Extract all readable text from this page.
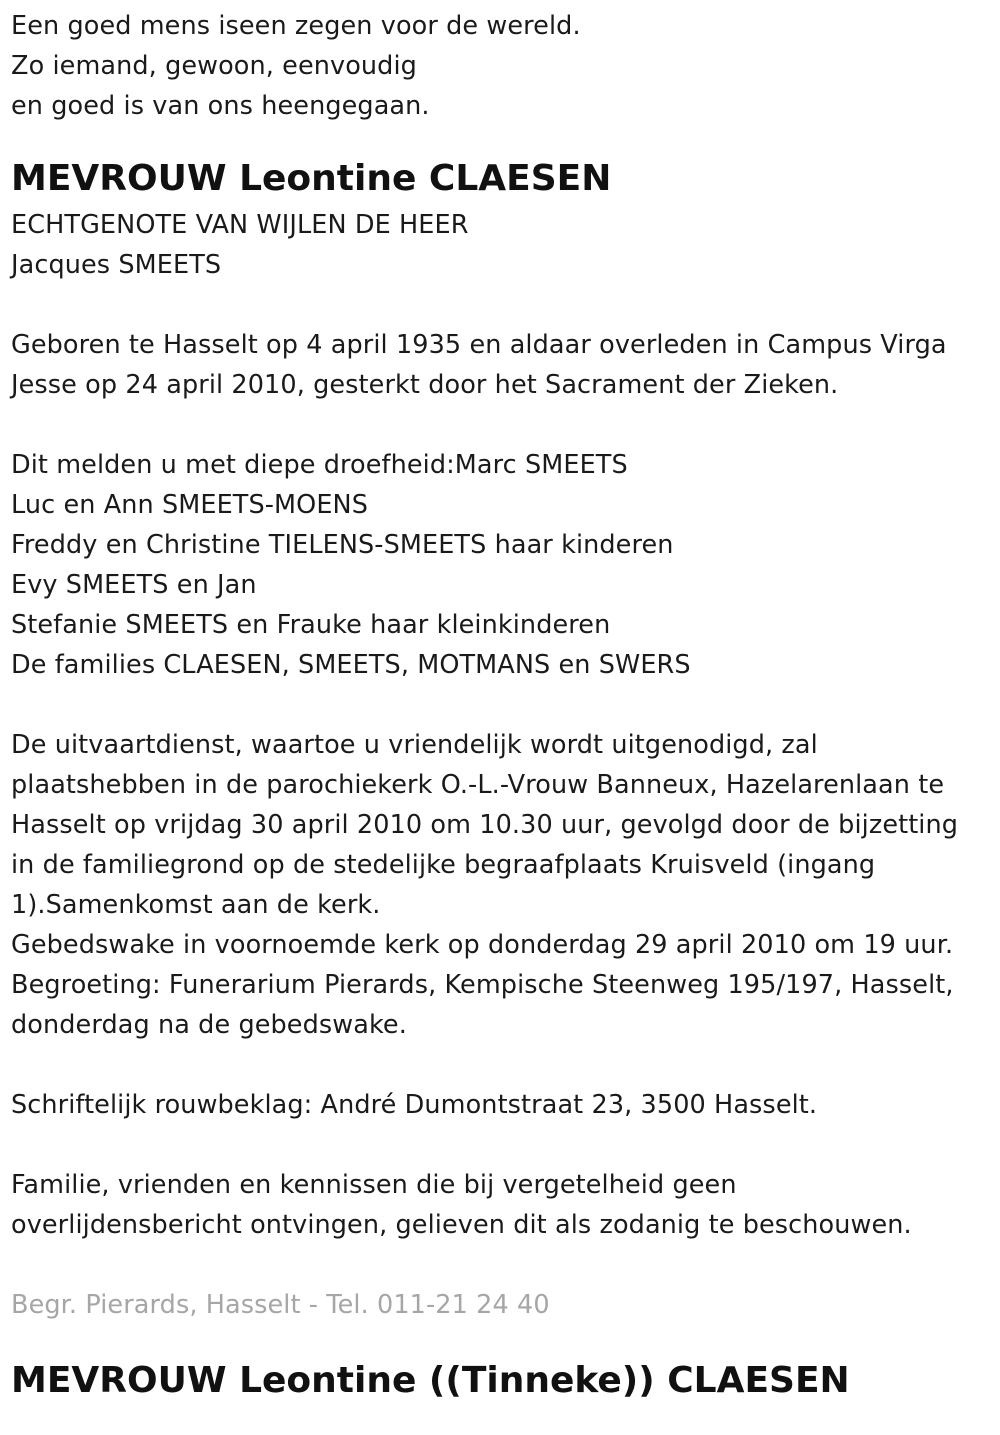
Een goed mens iseen zegen voor de wereld.

Zo iemand, gewoon, eenvoudig

en goed is van ons heengegaan.

MEVROUW Leontine CLAESEN

ECHTGENOTE VAN WIJLEN DE HEER

Jacques SMEETS

Geboren te Hasselt op 4 april 1935 en aldaar overleden in Campus Virga

Jesse op 24 april 2010, gesterkt door het Sacrament der Zieken.

Dit melden u met diepe droefheid:Marc SMEETS

Luc en Ann SMEETS-MOENS

Freddy en Christine TIELENS-SMEETS haar kinderen

Evy SMEETS en Jan

Stefanie SMEETS en Frauke haar kleinkinderen

De families CLAESEN, SMEETS, MOTMANS en SWERS

De uitvaartdienst, waartoe u vriendelijk wordt uitgenodigd, zal

plaatshebben in de parochiekerk O.-L.-Vrouw Banneux, Hazelarenlaan te

Hasselt op vrijdag 30 april 2010 om 10.30 uur, gevolgd door de bijzetting

in de familiegrond op de stedelijke begraafplaats Kruisveld (ingang

1).Samenkomst aan de kerk.

Gebedswake in voornoemde kerk op donderdag 29 april 2010 om 19 uur.

Begroeting: Funerarium Pierards, Kempische Steenweg 195/197, Hasselt,

donderdag na de gebedswake.

Schriftelijk rouwbeklag: André Dumontstraat 23, 3500 Hasselt.

Familie, vrienden en kennissen die bij vergetelheid geen

overlijdensbericht ontvingen, gelieven dit als zodanig te beschouwen.

Begr. Pierards, Hasselt - Tel. 011-21 24 40

MEVROUW Leontine ((Tinneke)) CLAESEN
